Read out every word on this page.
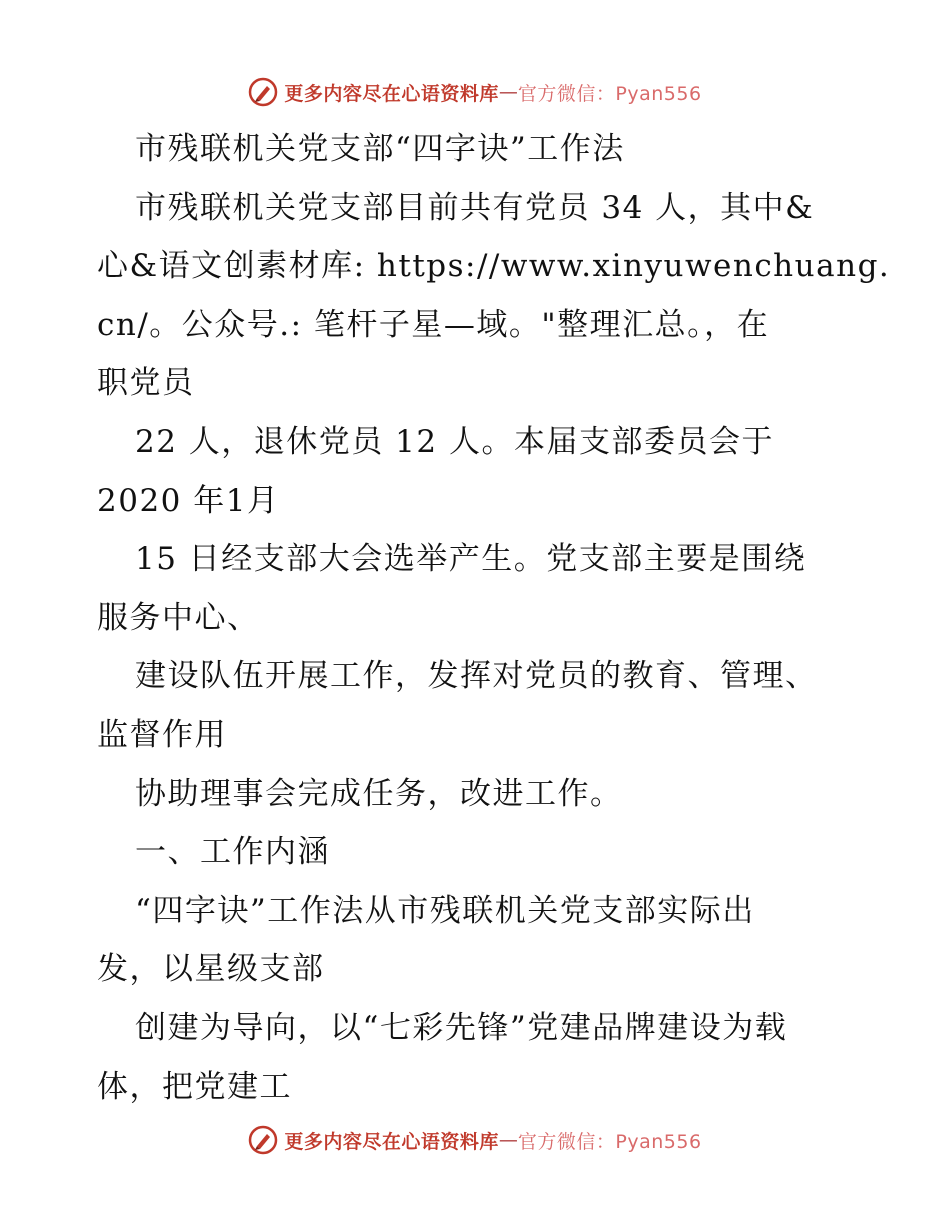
更多内容尽在心语资料库 — 官方微信：Pyan556
市残联机关党支部“四字诀”工作法
市残联机关党支部目前共有党员 34 人，其中&
心&语文创素材库: https://www.xinyuwenchuang.
cn/。公众号.: 笔杆子星—域。"整理汇总。，在
职党员
22 人，退休党员 12 人。本届支部委员会于
2020 年1月
15 日经支部大会选举产生。党支部主要是围绕
服务中心、
建设队伍开展工作，发挥对党员的教育、管理、
监督作用
协助理事会完成任务，改进工作。
一、工作内涵
“四字诀”工作法从市残联机关党支部实际出
发，以星级支部
创建为导向，以“七彩先锋”党建品牌建设为载
体，把党建工
更多内容尽在心语资料库 — 官方微信：Pyan556
